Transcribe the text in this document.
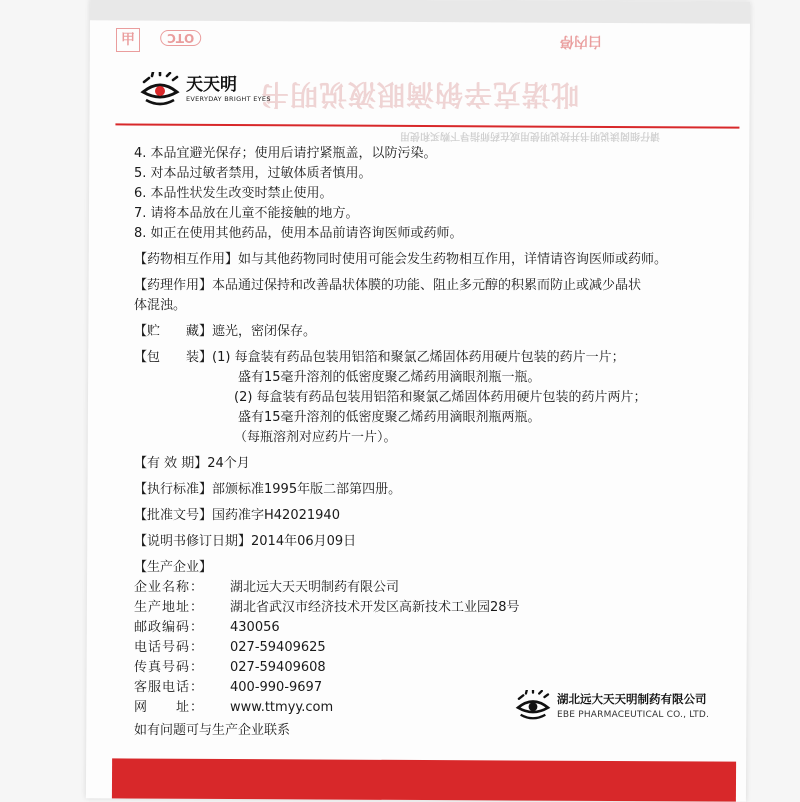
甲	OTC	白内停
吡诺克辛钠滴眼液说明书
请仔细阅读说明书并按说明使用或在药师指导下购买和使用
天天明
EVERYDAY BRIGHT EYES
4. 本品宜避光保存；使用后请拧紧瓶盖，以防污染。
5. 对本品过敏者禁用，过敏体质者慎用。
6. 本品性状发生改变时禁止使用。
7. 请将本品放在儿童不能接触的地方。
8. 如正在使用其他药品，使用本品前请咨询医师或药师。
【药物相互作用】如与其他药物同时使用可能会发生药物相互作用，详情请咨询医师或药师。
【药理作用】本品通过保持和改善晶状体膜的功能、阻止多元醇的积累而防止或减少晶状
体混浊。
【贮　　藏】遮光，密闭保存。
【包　　装】(1) 每盒装有药品包装用铝箔和聚氯乙烯固体药用硬片包装的药片一片；
盛有15毫升溶剂的低密度聚乙烯药用滴眼剂瓶一瓶。
(2) 每盒装有药品包装用铝箔和聚氯乙烯固体药用硬片包装的药片两片；
盛有15毫升溶剂的低密度聚乙烯药用滴眼剂瓶两瓶。
（每瓶溶剂对应药片一片）。
【有 效 期】24个月
【执行标准】部颁标准1995年版二部第四册。
【批准文号】国药准字H42021940
【说明书修订日期】2014年06月09日
【生产企业】
企业名称：	湖北远大天天明制药有限公司
生产地址：	湖北省武汉市经济技术开发区高新技术工业园28号
邮政编码：	430056
电话号码：	027-59409625
传真号码：	027-59409608
客服电话：	400-990-9697
网　　址：	www.ttmyy.com
如有问题可与生产企业联系
湖北远大天天明制药有限公司
EBE PHARMACEUTICAL CO., LTD.
